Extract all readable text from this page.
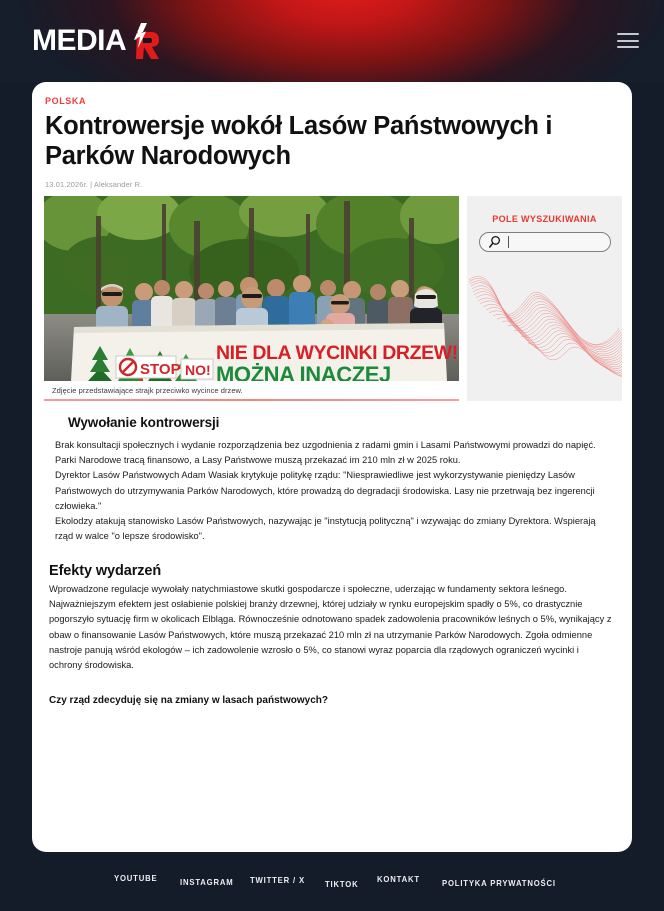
MEDIA
POLSKA
Kontrowersje wokół Lasów Państwowych i Parków Narodowych
13.01.2026r. | Aleksander R.
STOP NO!
NIE DLA WYCINKI DRZEW!
MOŻNA INACZEJ
Zdjęcie przedstawiające strajk przeciwko wycince drzew.
POLE WYSZUKIWANIA
Wywołanie kontrowersji

Brak konsultacji społecznych i wydanie rozporządzenia bez uzgodnienia z radami gmin i Lasami Państwowymi prowadzi do napięć. Parki Narodowe tracą finansowo, a Lasy Państwowe muszą przekazać im 210 mln zł w 2025 roku.

Dyrektor Lasów Państwowych Adam Wasiak krytykuje politykę rządu: "Niesprawiedliwe jest wykorzystywanie pieniędzy Lasów Państwowych do utrzymywania Parków Narodowych, które prowadzą do degradacji środowiska. Lasy nie przetrwają bez ingerencji człowieka."

Ekolodzy atakują stanowisko Lasów Państwowych, nazywając je "instytucją polityczną" i wzywając do zmiany Dyrektora. Wspierają rząd w walce "o lepsze środowisko".

Efekty wydarzeń

Wprowadzone regulacje wywołały natychmiastowe skutki gospodarcze i społeczne, uderzając w fundamenty sektora leśnego. Najważniejszym efektem jest osłabienie polskiej branży drzewnej, której udziały w rynku europejskim spadły o 5%, co drastycznie pogorszyło sytuację firm w okolicach Elbląga. Równocześnie odnotowano spadek zadowolenia pracowników leśnych o 5%, wynikający z obaw o finansowanie Lasów Państwowych, które muszą przekazać 210 mln zł na utrzymanie Parków Narodowych. Zgoła odmienne nastroje panują wśród ekologów – ich zadowolenie wzrosło o 5%, co stanowi wyraz poparcia dla rządowych ograniczeń wycinki i ochrony środowiska.

Czy rząd zdecyduję się na zmiany w lasach państwowych?

YOUTUBE	INSTAGRAM TWITTER / X TIKTOK KONTAKT	POLITYKA PRYWATNOŚCI
